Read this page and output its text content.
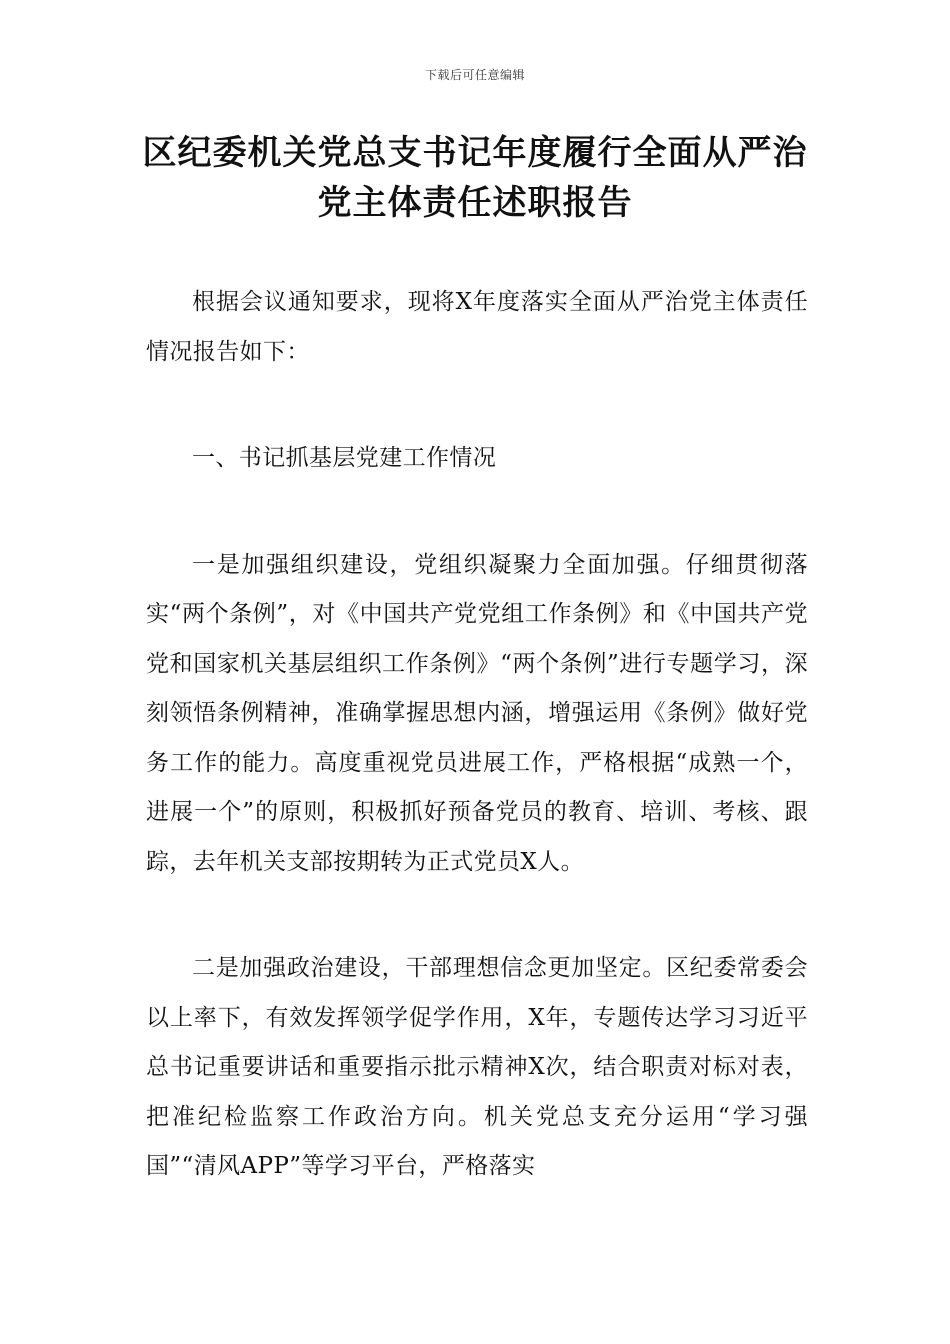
下载后可任意编辑
区纪委机关党总支书记年度履行全面从严治党主体责任述职报告

根据会议通知要求，现将X年度落实全面从严治党主体责任情况报告如下：

一、书记抓基层党建工作情况

一是加强组织建设，党组织凝聚力全面加强。仔细贯彻落实“两个条例”，对《中国共产党党组工作条例》和《中国共产党党和国家机关基层组织工作条例》“两个条例”进行专题学习，深刻领悟条例精神，准确掌握思想内涵，增强运用《条例》做好党务工作的能力。高度重视党员进展工作，严格根据“成熟一个，进展一个”的原则，积极抓好预备党员的教育、培训、考核、跟踪，去年机关支部按期转为正式党员X人。

二是加强政治建设，干部理想信念更加坚定。区纪委常委会以上率下，有效发挥领学促学作用，X年，专题传达学习习近平总书记重要讲话和重要指示批示精神X次，结合职责对标对表，把准纪检监察工作政治方向。机关党总支充分运用“学习强国”“清风APP”等学习平台，严格落实
